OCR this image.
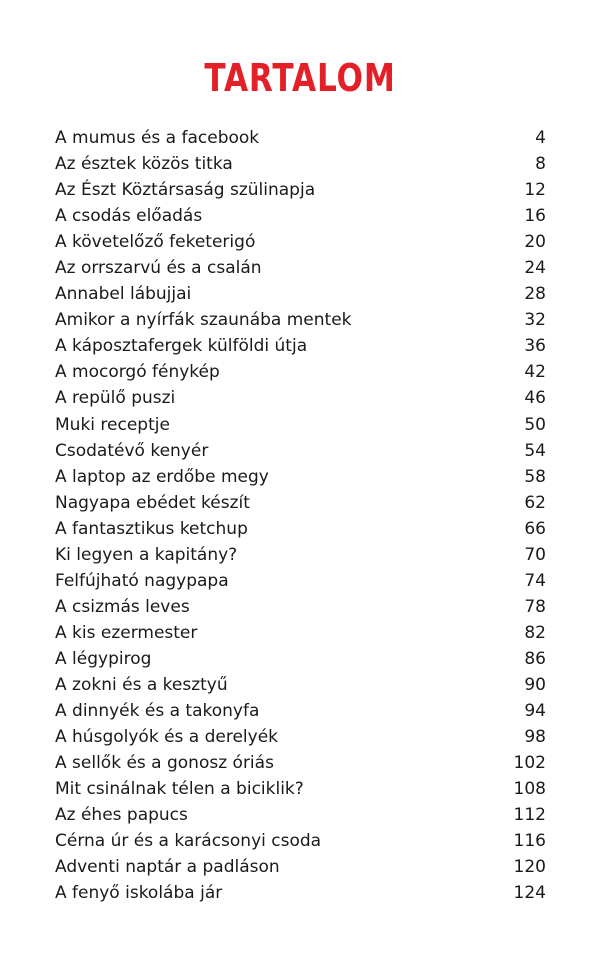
TARTALOM
A mumus és a facebook	4
Az észtek közös titka	8
Az Észt Köztársaság szülinapja	12
A csodás előadás	16
A követelőző feketerigó	20
Az orrszarvú és a csalán	24
Annabel lábujjai	28
Amikor a nyírfák szaunába mentek	32
A káposztafergek külföldi útja	36
A mocorgó fénykép	42
A repülő puszi	46
Muki receptje	50
Csodatévő kenyér	54
A laptop az erdőbe megy	58
Nagyapa ebédet készít	62
A fantasztikus ketchup	66
Ki legyen a kapitány?	70
Felfújható nagypapa	74
A csizmás leves	78
A kis ezermester	82
A légypirog	86
A zokni és a kesztyű	90
A dinnyék és a takonyfa	94
A húsgolyók és a derelyék	98
A sellők és a gonosz óriás	102
Mit csinálnak télen a biciklik?	108
Az éhes papucs	112
Cérna úr és a karácsonyi csoda	116
Adventi naptár a padláson	120
A fenyő iskolába jár	124
